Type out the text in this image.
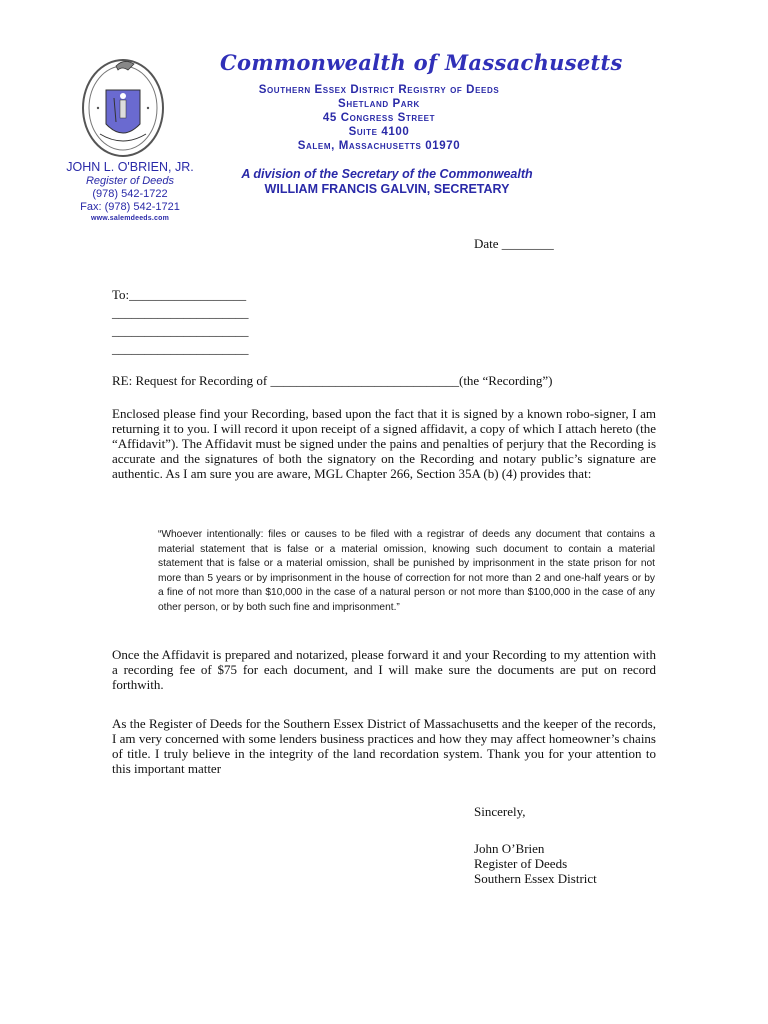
JOHN L. O'BRIEN, JR.
Register of Deeds
(978) 542-1722
Fax: (978) 542-1721
www.salemdeeds.com
Commonwealth of Massachusetts
Southern Essex District Registry of Deeds
Shetland Park
45 Congress Street
Suite 4100
Salem, Massachusetts 01970
A division of the Secretary of the Commonwealth
WILLIAM FRANCIS GALVIN, SECRETARY
Date ________
To:__________________
_____________________
_____________________
_____________________
RE: Request for Recording of _____________________________(the “Recording”)
Enclosed please find your Recording, based upon the fact that it is signed by a known robo-signer, I am returning it to you. I will record it upon receipt of a signed affidavit, a copy of which I attach hereto (the “Affidavit”). The Affidavit must be signed under the pains and penalties of perjury that the Recording is accurate and the signatures of both the signatory on the Recording and notary public’s signature are authentic. As I am sure you are aware, MGL Chapter 266, Section 35A (b) (4) provides that:
“Whoever intentionally: files or causes to be filed with a registrar of deeds any document that contains a material statement that is false or a material omission, knowing such document to contain a material statement that is false or a material omission, shall be punished by imprisonment in the state prison for not more than 5 years or by imprisonment in the house of correction for not more than 2 and one-half years or by a fine of not more than $10,000 in the case of a natural person or not more than $100,000 in the case of any other person, or by both such fine and imprisonment.”
Once the Affidavit is prepared and notarized, please forward it and your Recording to my attention with a recording fee of $75 for each document, and I will make sure the documents are put on record forthwith.
As the Register of Deeds for the Southern Essex District of Massachusetts and the keeper of the records, I am very concerned with some lenders business practices and how they may affect homeowner’s chains of title. I truly believe in the integrity of the land recordation system. Thank you for your attention to this important matter
Sincerely,
John O’Brien
Register of Deeds
Southern Essex District
